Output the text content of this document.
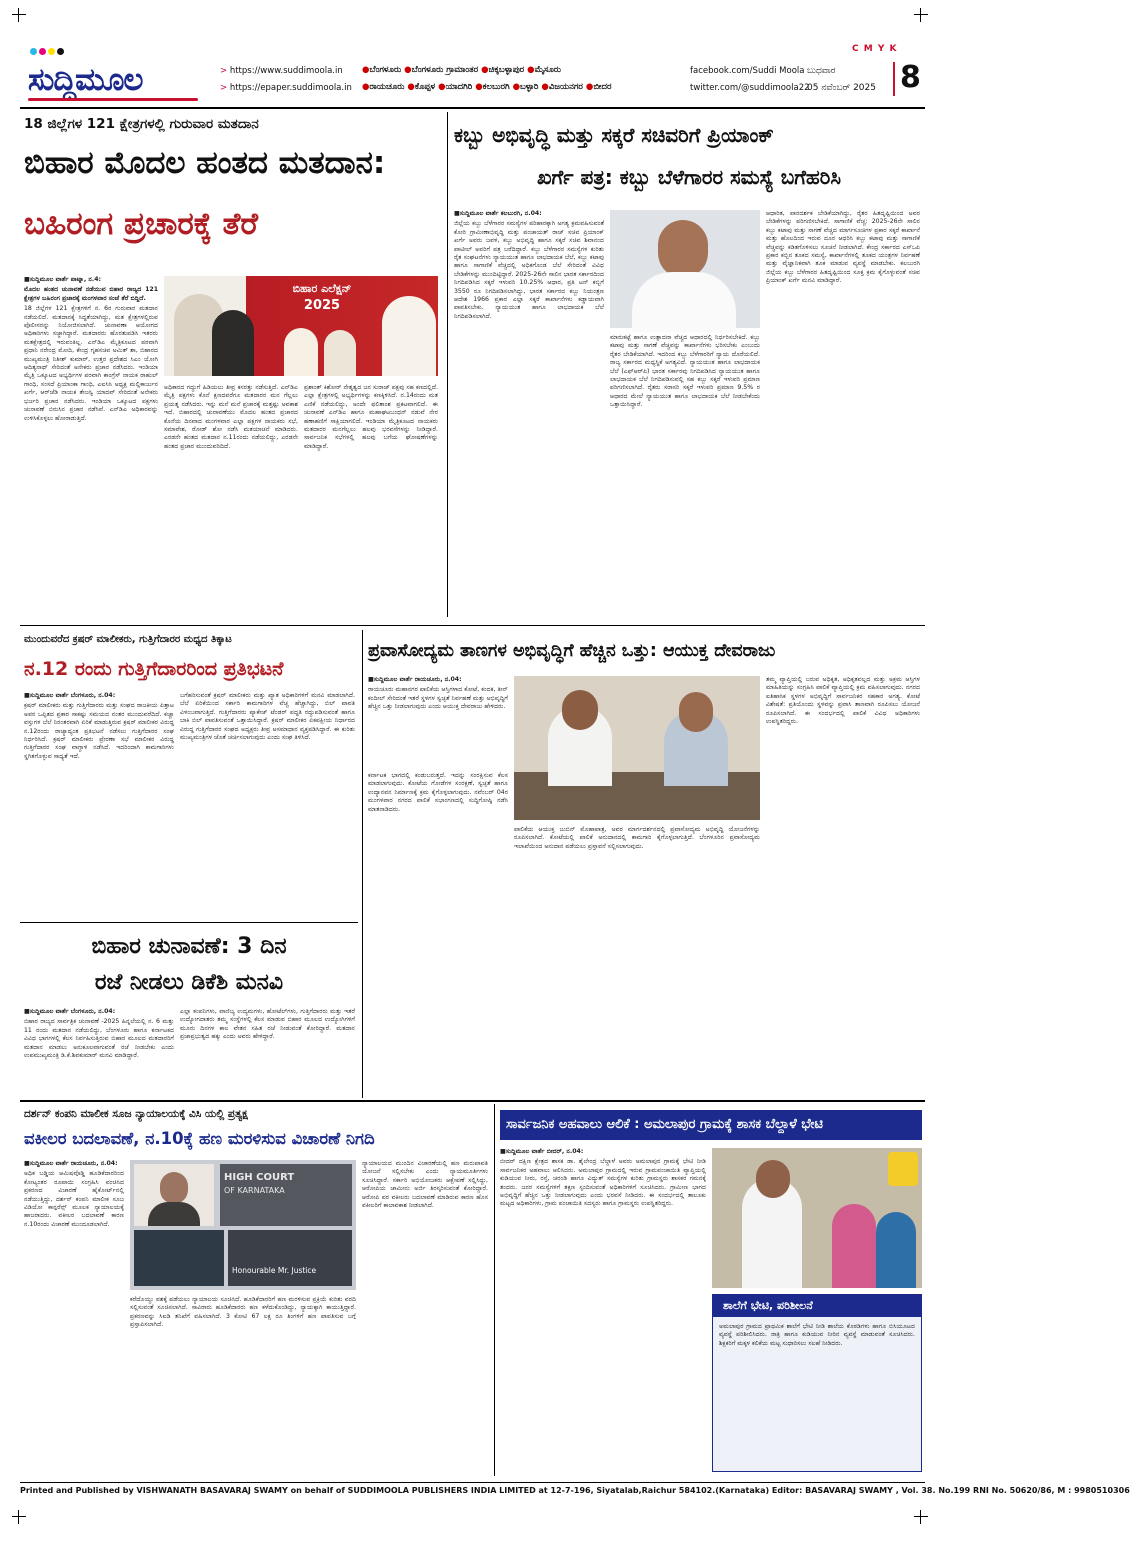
C M Y K
ಸುದ್ದಿಮೂಲ	> https://www.suddimoola.in
> https://epaper.suddimoola.in
●ಬೆಂಗಳೂರು ●ಬೆಂಗಳೂರು ಗ್ರಾಮಾಂತರ ●ಚಿಕ್ಕಬಳ್ಳಾಪುರ ●ಮೈಸೂರು
●ರಾಯಚೂರು ●ಕೊಪ್ಪಳ ●ಯಾದಗಿರಿ ●ಕಲಬುರಗಿ ●ಬಳ್ಳಾರಿ ●ವಿಜಯನಗರ ●ಬೀದರ
facebook.com/Suddi Moola
twitter.com/@suddimoola22
ಬುಧವಾರ
05 ನವೆಂಬರ್ 2025 8
18 ಜಿಲ್ಲೆಗಳ 121 ಕ್ಷೇತ್ರಗಳಲ್ಲಿ ಗುರುವಾರ ಮತದಾನ
ಬಿಹಾರ ಮೊದಲ ಹಂತದ ಮತದಾನ:
ಬಹಿರಂಗ ಪ್ರಚಾರಕ್ಕೆ ತೆರೆ

■ಸುದ್ದಿಮೂಲ ವಾರ್ತೆ ಪಾಟ್ನಾ, ನ.4:

ಮೊದಲ ಹಂತದ ಚುನಾವಣೆ ನಡೆಯುವ ಬಿಹಾರ ರಾಜ್ಯದ 121 ಕ್ಷೇತ್ರಗಳ ಬಹಿರಂಗ ಪ್ರಚಾರಕ್ಕೆ ಮಂಗಳವಾರ ಸಂಜೆ ತೆರೆ ಬಿದ್ದಿದೆ.

18 ಜಿಲ್ಲೆಗಳ 121 ಕ್ಷೇತ್ರಗಳಿಗೆ ನ. 6ರ ಗುರುವಾರ ಮತದಾನ ನಡೆಯಲಿದೆ. ಮತದಾನಕ್ಕೆ ಸಿದ್ಧತೆಯಾಗಿದ್ದು, ಮತ ಕ್ಷೇತ್ರಗಳಲ್ಲಿರುವ ಪೊಲೀಸರನ್ನು ನಿಯೋಜಿಸಲಾಗಿದೆ. ಚುನಾವಣಾ ಆಯೋಗದ ಅಧಿಕಾರಿಗಳು ಸಜ್ಜಾಗಿದ್ದಾರೆ. ಮತದಾರರು ಹೊರತುಪಡಿಸಿ ಇತರರು ಮತಕ್ಷೇತ್ರದಲ್ಲಿ ಇರುವಂತಿಲ್ಲ. ಎನ್‌ಡಿಎ ಮೈತ್ರಿಕೂಟದ ಪರವಾಗಿ ಪ್ರಧಾನಿ ನರೇಂದ್ರ ಮೋದಿ, ಕೇಂದ್ರ ಗೃಹಸಚಿವ ಅಮಿತ್ ಶಾ, ಬಿಹಾರದ ಮುಖ್ಯಮಂತ್ರಿ ನಿತೀಶ್ ಕುಮಾರ್, ಉತ್ತರ ಪ್ರದೇಶದ ಸಿಎಂ ಯೋಗಿ ಆದಿತ್ಯನಾಥ್ ಸೇರಿದಂತೆ ಅನೇಕರು ಪ್ರಚಾರ ನಡೆಸಿದರು. ಇಂಡಿಯಾ ಮೈತ್ರಿ ಒಕ್ಕೂಟದ ಅಭ್ಯರ್ಥಿಗಳ ಪರವಾಗಿ ಕಾಂಗ್ರೆಸ್ ನಾಯಕ ರಾಹುಲ್ ಗಾಂಧಿ, ಸಂಸದೆ ಪ್ರಿಯಾಂಕಾ ಗಾಂಧಿ, ಎಐಸಿಸಿ ಅಧ್ಯಕ್ಷ ಮಲ್ಲಿಕಾರ್ಜುನ ಖರ್ಗೆ, ಆರ್‌ಜೆಡಿ ನಾಯಕ ತೇಜಸ್ವಿ ಯಾದವ್ ಸೇರಿದಂತೆ ಅನೇಕರು ಭರ್ಜರಿ ಪ್ರಚಾರ ನಡೆಸಿದರು. ಇಂಡಿಯಾ ಒಕ್ಕೂಟದ ಪಕ್ಷಗಳು ಚುನಾವಣೆ ಬಿರುಸಿನ ಪ್ರಚಾರ ನಡೆಸಿವೆ. ಎನ್‌ಡಿಎ ಅಧಿಕಾರವನ್ನು ಉಳಿಸಿಕೊಳ್ಳಲು ಹೋರಾಡುತ್ತಿದೆ.

ಬಿಹಾರ ಎಲೆಕ್ಷನ್
2025
ಅಧಿಕಾರದ ಗದ್ದುಗೆ ಹಿಡಿಯಲು ತೀವ್ರ ಕಸರತ್ತು ನಡೆಸುತ್ತಿದೆ. ಎನ್‌ಡಿಎ ಮೈತ್ರಿ ಪಕ್ಷಗಳು ಕೊನೆ ಕ್ಷಣದವರೆಗೂ ಮತದಾರರ ಮನ ಗೆಲ್ಲಲು ಪ್ರಯತ್ನ ನಡೆಸಿದರು. ಇನ್ನು ಮನೆ ಮನೆ ಪ್ರಚಾರಕ್ಕೆ ಮತ್ತಷ್ಟು ಅವಕಾಶ ಇದೆ. ಬಿಹಾರದಲ್ಲಿ ಚುನಾವಣೆಯು ಮೊದಲ ಹಂತದ ಪ್ರಚಾರದ ಕೊನೆಯ ದಿನವಾದ ಮಂಗಳವಾರ ಎಲ್ಲಾ ಪಕ್ಷಗಳ ನಾಯಕರು ಸಭೆ, ಸಮಾವೇಶ, ರೋಡ್ ಶೋ ನಡೆಸಿ ಮತಯಾಚನೆ ಮಾಡಿದರು. ಎರಡನೇ ಹಂತದ ಮತದಾನ ನ.11ರಂದು ನಡೆಯಲಿದ್ದು, ಎರಡನೇ ಹಂತದ ಪ್ರಚಾರ ಮುಂದುವರಿದಿದೆ.
ಪ್ರಶಾಂತ್ ಕಿಶೋರ್ ನೇತೃತ್ವದ ಜನ ಸುರಾಜ್ ಪಕ್ಷವು ಸಹ ಕಣದಲ್ಲಿದೆ. ಎಲ್ಲಾ ಕ್ಷೇತ್ರಗಳಲ್ಲಿ ಅಭ್ಯರ್ಥಿಗಳನ್ನು ಕಣಕ್ಕಿಳಿಸಿದೆ. ನ.14ರಂದು ಮತ ಎಣಿಕೆ ನಡೆಯಲಿದ್ದು, ಅಂದೇ ಫಲಿತಾಂಶ ಪ್ರಕಟವಾಗಲಿದೆ. ಈ ಚುನಾವಣೆ ಎನ್‌ಡಿಎ ಹಾಗೂ ಮಹಾಘಟಬಂಧನ್ ನಡುವೆ ನೇರ ಹಣಾಹಣಿಗೆ ಸಾಕ್ಷಿಯಾಗಲಿದೆ. ಇಂಡಿಯಾ ಮೈತ್ರಿಕೂಟದ ನಾಯಕರು ಮತದಾರರ ಮನಗೆಲ್ಲಲು ಹಲವು ಭರವಸೆಗಳನ್ನು ನೀಡಿದ್ದಾರೆ. ಸಾರ್ವಜನಿಕ ಸಭೆಗಳಲ್ಲಿ ಹಲವು ಬಗೆಯ ಘೋಷಣೆಗಳನ್ನು ಮಾಡಿದ್ದಾರೆ.
ಕಬ್ಬು ಅಭಿವೃದ್ಧಿ ಮತ್ತು ಸಕ್ಕರೆ ಸಚಿವರಿಗೆ ಪ್ರಿಯಾಂಕ್
ಖರ್ಗೆ ಪತ್ರ: ಕಬ್ಬು ಬೆಳೆಗಾರರ ಸಮಸ್ಯೆ ಬಗೆಹರಿಸಿ

■ಸುದ್ದಿಮೂಲ ವಾರ್ತೆ ಕಲಬುರಗಿ, ನ.04:

ಜಿಲ್ಲೆಯ ಕಬ್ಬು ಬೆಳೆಗಾರರ ಸಮಸ್ಯೆಗಳ ಪರಿಹಾರಕ್ಕಾಗಿ ಅಗತ್ಯ ಕ್ರಮವಹಿಸುವಂತೆ ಕೋರಿ ಗ್ರಾಮೀಣಾಭಿವೃದ್ಧಿ ಮತ್ತು ಪಂಚಾಯತ್ ರಾಜ್ ಸಚಿವ ಪ್ರಿಯಾಂಕ್ ಖರ್ಗೆ ಅವರು ಜವಳಿ, ಕಬ್ಬು ಅಭಿವೃದ್ಧಿ ಹಾಗೂ ಸಕ್ಕರೆ ಸಚಿವ ಶಿವಾನಂದ ಪಾಟೀಲ್ ಅವರಿಗೆ ಪತ್ರ ಬರೆದಿದ್ದಾರೆ. ಕಬ್ಬು ಬೆಳೆಗಾರರ ಸಮಸ್ಯೆಗಳ ಕುರಿತು ರೈತ ಸಂಘಟನೆಗಳು ನ್ಯಾಯಯುತ ಹಾಗೂ ಲಾಭದಾಯಕ ಬೆಲೆ, ಕಬ್ಬು ಕಟಾವು ಹಾಗೂ ಸಾಗಾಣಿಕೆ ವೆಚ್ಚದಲ್ಲಿ ಅಧಿಕಗೊಂಡ ಬೆಲೆ ಸೇರಿದಂತೆ ವಿವಿಧ ಬೇಡಿಕೆಗಳನ್ನು ಮುಂದಿಟ್ಟಿದ್ದಾರೆ. 2025-26ನೇ ಸಾಲಿನ ಭಾರತ ಸರ್ಕಾರದಿಂದ ನಿಗದಿಪಡಿಸಿದ ಸಕ್ಕರೆ ಇಳುವರಿ 10.25% ಆಧಾರ, ಪ್ರತಿ ಟನ್ ಕಬ್ಬಿಗೆ 3550 ರೂ ನಿಗದಿಪಡಿಸಲಾಗಿದ್ದು, ಭಾರತ ಸರ್ಕಾರದ ಕಬ್ಬು ನಿಯಂತ್ರಣ ಆದೇಶ 1966 ಪ್ರಕಾರ ಎಲ್ಲಾ ಸಕ್ಕರೆ ಕಾರ್ಖಾನೆಗಳು ಕಡ್ಡಾಯವಾಗಿ ಪಾವತಿಸಬೇಕು. ನ್ಯಾಯಯುತ ಹಾಗೂ ಲಾಭದಾಯಕ ಬೆಲೆ ನಿಗದಿಪಡಿಸಲಾಗಿದೆ.

ಮಾರುಕಟ್ಟೆ ಹಾಗೂ ಉತ್ಪಾದನಾ ವೆಚ್ಚದ ಆಧಾರದಲ್ಲಿ ನಿರ್ಧರಿಸಬೇಕಿದೆ. ಕಬ್ಬು ಕಟಾವು ಮತ್ತು ಸಾಗಣೆ ವೆಚ್ಚವನ್ನು ಕಾರ್ಖಾನೆಗಳು ಭರಿಸಬೇಕು ಎಂಬುದು ರೈತರ ಬೇಡಿಕೆಯಾಗಿದೆ. ಇದರಿಂದ ಕಬ್ಬು ಬೆಳೆಗಾರರಿಗೆ ನ್ಯಾಯ ದೊರೆಯಲಿದೆ. ರಾಜ್ಯ ಸರ್ಕಾರದ ಮಧ್ಯಸ್ಥಿಕೆ ಅಗತ್ಯವಿದೆ. ನ್ಯಾಯಯುತ ಹಾಗೂ ಲಾಭದಾಯಕ ಬೆಲೆ (ಎಫ್‌ಆರ್‌ಪಿ) ಭಾರತ ಸರ್ಕಾರವು ನಿಗದಿಪಡಿಸಿದ ನ್ಯಾಯಯುತ ಹಾಗೂ ಲಾಭದಾಯಕ ಬೆಲೆ ನಿಗದಿಪಡಿಸುವಲ್ಲಿ ಸಹ ಕಬ್ಬು ಸಕ್ಕರೆ ಇಳುವರಿ ಪ್ರಮಾಣ ಪರಿಗಣಿಸಲಾಗಿದೆ. ರೈತರು ಸರಾಸರಿ ಸಕ್ಕರೆ ಇಳುವರಿ ಪ್ರಮಾಣ 9.5% ರ ಆಧಾರದ ಮೇಲೆ ನ್ಯಾಯಯುತ ಹಾಗೂ ಲಾಭದಾಯಕ ಬೆಲೆ ನೀಡಬೇಕೆಂದು ಒತ್ತಾಯಿಸಿದ್ದಾರೆ.
ಆಧಾರಿತ, ಪಾರದರ್ಶಕ ಬೇಡಿಕೆಯಾಗಿದ್ದು, ರೈತರ ಹಿತದೃಷ್ಟಿಯಿಂದ ಅವರ ಬೇಡಿಕೆಗಳನ್ನು ಪರಿಗಣಿಸಬೇಕಿದೆ. ಸಾಗಾಣಿಕೆ ವೆಚ್ಚ: 2025-26ನೇ ಸಾಲಿನ ಕಬ್ಬು ಕಟಾವು ಮತ್ತು ಸಾಗಣೆ ವೆಚ್ಚದ ಮಾರ್ಗಸೂಚಿಗಳ ಪ್ರಕಾರ ಸಕ್ಕರೆ ಕಾರ್ಖಾನೆ ಮತ್ತು ಹೊಲದಿಂದ ಇರುವ ದೂರ ಆಧರಿಸಿ ಕಬ್ಬು ಕಟಾವು ಮತ್ತು ಸಾಗಾಣಿಕೆ ವೆಚ್ಚವನ್ನು ಕಡಿತಗೊಳಿಸಲು ಸೂಚನೆ ನೀಡಲಾಗಿದೆ. ಕೇಂದ್ರ ಸರ್ಕಾರದ ಎಸ್‌ಒಪಿ ಪ್ರಕಾರ ಕಬ್ಬಿನ ತೂಕದ ಸಮಸ್ಯೆ, ಕಾರ್ಖಾನೆಗಳಲ್ಲಿ ತೂಕದ ಯಂತ್ರಗಳ ನಿರ್ವಹಣೆ ಮತ್ತು ವೈಜ್ಞಾನಿಕವಾಗಿ ತೂಕ ಮಾಡುವ ವ್ಯವಸ್ಥೆ ಮಾಡಬೇಕು. ಕಲಬುರಗಿ ಜಿಲ್ಲೆಯ ಕಬ್ಬು ಬೆಳೆಗಾರರ ಹಿತದೃಷ್ಟಿಯಿಂದ ಸೂಕ್ತ ಕ್ರಮ ಕೈಗೊಳ್ಳುವಂತೆ ಸಚಿವ ಪ್ರಿಯಾಂಕ್ ಖರ್ಗೆ ಮನವಿ ಮಾಡಿದ್ದಾರೆ.
ಮುಂದುವರೆದ ಕ್ರಷರ್ ಮಾಲೀಕರು, ಗುತ್ತಿಗೆದಾರರ ಮಧ್ಯದ ತಿಕ್ಕಾಟ
ನ.12 ರಂದು ಗುತ್ತಿಗೆದಾರರಿಂದ ಪ್ರತಿಭಟನೆ

■ಸುದ್ದಿಮೂಲ ವಾರ್ತೆ ಬೆಂಗಳೂರು, ನ.04:

ಕ್ರಷರ್ ಮಾಲೀಕರು ಮತ್ತು ಗುತ್ತಿಗೆದಾರರು ಮತ್ತು ಸಂಘದ ರಾಜಕೀಯ ಪಿತ್ತಾಟ ಅವರ ಒಪ್ಪಿತದ ಪ್ರಕಾರ ಸಾಕಷ್ಟು ಸಮಯದ ನಂತರ ಮುಂದುವರೆದಿದೆ. ಕಚ್ಚಾ ವಸ್ತುಗಳ ಬೆಲೆ ನಿರಂತರವಾಗಿ ಏರಿಕೆ ಮಾಡುತ್ತಿರುವ ಕ್ರಷರ್ ಮಾಲೀಕರ ವಿರುದ್ಧ ನ.12ರಂದು ರಾಜ್ಯಾದ್ಯಂತ ಪ್ರತಿಭಟನೆ ನಡೆಸಲು ಗುತ್ತಿಗೆದಾರರ ಸಂಘ ನಿರ್ಧರಿಸಿದೆ. ಕ್ರಷರ್ ಮಾಲೀಕರು ಪ್ರೇರಣಾ ಸಭೆ ಮಾಲೀಕರ ವಿರುದ್ಧ ಗುತ್ತಿಗೆದಾರರ ಸಂಘ ವಾಗ್ದಾಳಿ ನಡೆಸಿದೆ. ಇದರಿಂದಾಗಿ ಕಾಮಗಾರಿಗಳು ಸ್ಥಗಿತಗೊಳ್ಳುವ ಸಾಧ್ಯತೆ ಇದೆ.

ಬಗೆಹರಿಸುವಂತೆ ಕ್ರಷರ್ ಮಾಲೀಕರು ಮತ್ತು ಖ್ಯಾತ ಅಧಿಕಾರಿಗಳಿಗೆ ಮನವಿ ಮಾಡಲಾಗಿದೆ. ಬೆಲೆ ಏರಿಕೆಯಿಂದ ಸರ್ಕಾರಿ ಕಾಮಗಾರಿಗಳ ವೆಚ್ಚ ಹೆಚ್ಚಾಗಿದ್ದು, ಬಿಲ್ ಪಾವತಿ ವಿಳಂಬವಾಗುತ್ತಿದೆ. ಗುತ್ತಿಗೆದಾರರು ಪ್ಯಾಕೇಜ್ ಟೆಂಡರ್ ಪದ್ಧತಿ ರದ್ದುಪಡಿಸುವಂತೆ ಹಾಗೂ ಬಾಕಿ ಬಿಲ್ ಪಾವತಿಸುವಂತೆ ಒತ್ತಾಯಿಸಿದ್ದಾರೆ. ಕ್ರಷರ್ ಮಾಲೀಕರ ಏಕಪಕ್ಷೀಯ ನಿರ್ಧಾರದ ವಿರುದ್ಧ ಗುತ್ತಿಗೆದಾರರ ಸಂಘದ ಅಧ್ಯಕ್ಷರು ತೀವ್ರ ಅಸಮಾಧಾನ ವ್ಯಕ್ತಪಡಿಸಿದ್ದಾರೆ. ಈ ಕುರಿತು ಮುಖ್ಯಮಂತ್ರಿಗಳ ಜೊತೆ ಚರ್ಚಿಸಲಾಗುವುದು ಎಂದು ಸಂಘ ತಿಳಿಸಿದೆ.
ಬಿಹಾರ ಚುನಾವಣೆ: 3 ದಿನ
ರಜೆ ನೀಡಲು ಡಿಕೆಶಿ ಮನವಿ

■ಸುದ್ದಿಮೂಲ ವಾರ್ತೆ ಬೆಂಗಳೂರು, ನ.04:

ಬಿಹಾರ ರಾಜ್ಯದ ಸಾರ್ವತ್ರಿಕ ಚುನಾವಣೆ -2025 ಹಿನ್ನಲೆಯಲ್ಲಿ ನ. 6 ಮತ್ತು 11 ರಂದು ಮತದಾನ ನಡೆಯಲಿದ್ದು, ಬೆಂಗಳೂರು ಹಾಗೂ ಕರ್ನಾಟಕದ ವಿವಿಧ ಭಾಗಗಳಲ್ಲಿ ಕೆಲಸ ನಿರ್ವಹಿಸುತ್ತಿರುವ ಬಿಹಾರ ಮೂಲದ ಮತದಾರರಿಗೆ ಮತದಾನ ಮಾಡಲು ಅನುಕೂಲವಾಗುವಂತೆ ರಜೆ ನೀಡಬೇಕು ಎಂದು ಉಪಮುಖ್ಯಮಂತ್ರಿ ಡಿ.ಕೆ.ಶಿವಕುಮಾರ್ ಮನವಿ ಮಾಡಿದ್ದಾರೆ.

ಎಲ್ಲಾ ಕಂಪನಿಗಳು, ವಾಣಿಜ್ಯ ಉದ್ಯಮಗಳು, ಹೋಟೆಲ್‌ಗಳು, ಗುತ್ತಿಗೆದಾರರು ಮತ್ತು ಇತರೆ ಉದ್ಯೋಗದಾತರು ತಮ್ಮ ಸಂಸ್ಥೆಗಳಲ್ಲಿ ಕೆಲಸ ಮಾಡುವ ಬಿಹಾರ ಮೂಲದ ಉದ್ಯೋಗಿಗಳಿಗೆ ಮೂರು ದಿನಗಳ ಕಾಲ ವೇತನ ಸಹಿತ ರಜೆ ನೀಡುವಂತೆ ಕೋರಿದ್ದಾರೆ. ಮತದಾನ ಪ್ರಜಾಪ್ರಭುತ್ವದ ಹಕ್ಕು ಎಂದು ಅವರು ಹೇಳಿದ್ದಾರೆ.
ಪ್ರವಾಸೋದ್ಯಮ ತಾಣಗಳ ಅಭಿವೃದ್ಧಿಗೆ ಹೆಚ್ಚಿನ ಒತ್ತು: ಆಯುಕ್ತ ದೇವರಾಜು

■ಸುದ್ದಿಮೂಲ ವಾರ್ತೆ ರಾಯಚೂರು, ನ.04:

ರಾಯಚೂರು ಮಹಾನಗರ ಪಾಲಿಕೆಯ ಆಸ್ತಿಗಳಾದ ಕೋಟೆ, ಕಂದಕ, ತೀನ್ ಕಂದೀಲ್ ಸೇರಿದಂತೆ ಇತರೆ ಸ್ಥಳಗಳ ಸ್ವಚ್ಛತೆ ನಿರ್ವಹಣೆ ಮತ್ತು ಅಭಿವೃದ್ಧಿಗೆ ಹೆಚ್ಚಿನ ಒತ್ತು ನೀಡಲಾಗುವುದು ಎಂದು ಆಯುಕ್ತ ದೇವರಾಜು ಹೇಳಿದರು.

ಕರ್ನಾಟಕ ಭಾಗದಲ್ಲಿ ಕಂಡುಬರುತ್ತದೆ. ಇದನ್ನು ಸಂರಕ್ಷಿಸುವ ಕೆಲಸ ಮಾಡಲಾಗುವುದು. ಕೋಟೆಯ ಗೋಡೆಗಳ ಸಂರಕ್ಷಣೆ, ಸ್ವಚ್ಛತೆ ಹಾಗೂ ಉದ್ಯಾನವನ ನಿರ್ಮಾಣಕ್ಕೆ ಕ್ರಮ ಕೈಗೊಳ್ಳಲಾಗುವುದು. ನವೆಂಬರ್ 04ರ ಮಂಗಳವಾರ ನಗರದ ಪಾಲಿಕೆ ಸಭಾಂಗಣದಲ್ಲಿ ಸುದ್ದಿಗೋಷ್ಠಿ ನಡೆಸಿ ಮಾತನಾಡಿದರು.
ಪಾಲಿಕೆಯ ಆಯುಕ್ತ ಜುಬಿನ್ ಮೊಹಾಪಾತ್ರ, ಅವರ ಮಾರ್ಗದರ್ಶನದಲ್ಲಿ ಪ್ರವಾಸೋದ್ಯಮ ಅಭಿವೃದ್ಧಿ ಯೋಜನೆಗಳನ್ನು ರೂಪಿಸಲಾಗಿದೆ. ಕೋಟೆಯಲ್ಲಿ ಪಾಲಿಕೆ ಅನುದಾನದಲ್ಲಿ ಕಾಮಗಾರಿ ಕೈಗೊಳ್ಳಲಾಗುತ್ತಿದೆ. ಬೆಂಗಳೂರಿನ ಪ್ರವಾಸೋದ್ಯಮ ಇಲಾಖೆಯಿಂದ ಅನುದಾನ ಪಡೆಯಲು ಪ್ರಸ್ತಾವನೆ ಸಲ್ಲಿಸಲಾಗುವುದು.
ತಮ್ಮ ವ್ಯಾಪ್ತಿಯಲ್ಲಿ ಬರುವ ಅಧಿಕೃತ, ಅಧಿಕೃತವಲ್ಲದ ಮತ್ತು ಅಕ್ರಮ ಆಸ್ತಿಗಳ ಮಾಹಿತಿಯನ್ನು ಸಂಗ್ರಹಿಸಿ ಪಾಲಿಕೆ ವ್ಯಾಪ್ತಿಯಲ್ಲಿ ಕ್ರಮ ವಹಿಸಲಾಗುವುದು. ನಗರದ ಐತಿಹಾಸಿಕ ಸ್ಥಳಗಳ ಅಭಿವೃದ್ಧಿಗೆ ಸಾರ್ವಜನಿಕರ ಸಹಕಾರ ಅಗತ್ಯ. ಕೋಟೆ ವಿಶೇಷತೆ: ಪ್ರತಿಯೊಂದು ಸ್ಥಳವನ್ನು ಪ್ರವಾಸಿ ತಾಣವಾಗಿ ರೂಪಿಸಲು ಯೋಜನೆ ರೂಪಿಸಲಾಗಿದೆ. ಈ ಸಂದರ್ಭದಲ್ಲಿ ಪಾಲಿಕೆ ವಿವಿಧ ಅಧಿಕಾರಿಗಳು ಉಪಸ್ಥಿತರಿದ್ದರು.
ದರ್ಶನ್ ಕಂಪನಿ ಮಾಲೀಕ ಸೂಜ ನ್ಯಾಯಾಲಯಕ್ಕೆ ವಿಸಿ ಯಲ್ಲಿ ಪ್ರತ್ಯಕ್ಷ
ವಕೀಲರ ಬದಲಾವಣೆ, ನ.10ಕ್ಕೆ ಹಣ ಮರಳಿಸುವ ವಿಚಾರಣೆ ನಿಗದಿ

■ಸುದ್ದಿಮೂಲ ವಾರ್ತೆ ರಾಯಚೂರು, ನ.04:

ಅಧಿಕ ಬಡ್ಡಿಯ ಆಮಿಷವೊಡ್ಡಿ ಹೂಡಿಕೆದಾರರಿಂದ ಕೋಟ್ಯಂತರ ರೂಪಾಯಿ ಸಂಗ್ರಹಿಸಿ ವಂಚಿಸಿದ ಪ್ರಕರಣದ ವಿಚಾರಣೆ ಹೈಕೋರ್ಟ್‌ನಲ್ಲಿ ನಡೆಯುತ್ತಿದ್ದು, ದರ್ಶನ್ ಕಂಪನಿ ಮಾಲೀಕ ಸೂಜ ವಿಡಿಯೋ ಕಾನ್ಫರೆನ್ಸ್ ಮೂಲಕ ನ್ಯಾಯಾಲಯಕ್ಕೆ ಹಾಜರಾದರು. ವಕೀಲರ ಬದಲಾವಣೆ ಕಾರಣ ನ.10ರಂದು ವಿಚಾರಣೆ ಮುಂದೂಡಲಾಗಿದೆ.

HIGH COURT
OF KARNATAKA
Honourable Mr. Justice
ಕರೆದೊಯ್ದು ವಶಕ್ಕೆ ಪಡೆಯಲು ನ್ಯಾಯಾಲಯ ಸೂಚಿಸಿದೆ. ಹೂಡಿಕೆದಾರರಿಗೆ ಹಣ ಮರಳಿಸುವ ಪ್ರಕ್ರಿಯೆ ಕುರಿತು ವರದಿ ಸಲ್ಲಿಸುವಂತೆ ಸೂಚಿಸಲಾಗಿದೆ. ಸಾವಿರಾರು ಹೂಡಿಕೆದಾರರು ಹಣ ಕಳೆದುಕೊಂಡಿದ್ದು, ನ್ಯಾಯಕ್ಕಾಗಿ ಕಾಯುತ್ತಿದ್ದಾರೆ. ಪ್ರಕರಣವನ್ನು ಸಿಐಡಿ ತನಿಖೆಗೆ ವಹಿಸಲಾಗಿದೆ. 3 ಕೋಟಿ 67 ಲಕ್ಷ ರೂ ತಿಂಗಳಿಗೆ ಹಣ ಪಾವತಿಸುವ ಬಗ್ಗೆ ಪ್ರಸ್ತಾಪಿಸಲಾಗಿದೆ.
ನ್ಯಾಯಾಲಯದ ಮುಂದಿನ ವಿಚಾರಣೆಯಲ್ಲಿ ಹಣ ಮರುಪಾವತಿ ಯೋಜನೆ ಸಲ್ಲಿಸಬೇಕು ಎಂದು ನ್ಯಾಯಮೂರ್ತಿಗಳು ಸೂಚಿಸಿದ್ದಾರೆ. ಸರ್ಕಾರಿ ಅಭಿಯೋಜಕರು ಆಕ್ಷೇಪಣೆ ಸಲ್ಲಿಸಿದ್ದು, ಆರೋಪಿಯ ಜಾಮೀನು ಅರ್ಜಿ ತಿರಸ್ಕರಿಸುವಂತೆ ಕೋರಿದ್ದಾರೆ. ಆರೋಪಿ ಪರ ವಕೀಲರು ಬದಲಾವಣೆ ಮಾಡಿರುವ ಕಾರಣ ಹೊಸ ವಕೀಲರಿಗೆ ಕಾಲಾವಕಾಶ ನೀಡಲಾಗಿದೆ.
ಸಾರ್ವಜನಿಕ ಅಹವಾಲು ಆಲಿಕೆ : ಅಮಲಾಪುರ ಗ್ರಾಮಕ್ಕೆ ಶಾಸಕ ಬೆಲ್ದಾಳೆ ಭೇಟಿ

■ಸುದ್ದಿಮೂಲ ವಾರ್ತೆ ಬೀದರ್, ನ.04:

ಬೀದರ್ ದಕ್ಷಿಣ ಕ್ಷೇತ್ರದ ಶಾಸಕ ಡಾ. ಶೈಲೇಂದ್ರ ಬೆಲ್ದಾಳೆ ಅವರು ಅಮಲಾಪುರ ಗ್ರಾಮಕ್ಕೆ ಭೇಟಿ ನೀಡಿ ಸಾರ್ವಜನಿಕರ ಅಹವಾಲು ಆಲಿಸಿದರು. ಅಮಲಾಪುರ ಗ್ರಾಮದಲ್ಲಿ ಇರುವ ಗ್ರಾಮಪಂಚಾಯಿತಿ ವ್ಯಾಪ್ತಿಯಲ್ಲಿ ಕುಡಿಯುವ ನೀರು, ರಸ್ತೆ, ಚರಂಡಿ ಹಾಗೂ ವಿದ್ಯುತ್ ಸಮಸ್ಯೆಗಳ ಕುರಿತು ಗ್ರಾಮಸ್ಥರು ಶಾಸಕರ ಗಮನಕ್ಕೆ ತಂದರು. ಜನರ ಸಮಸ್ಯೆಗಳಿಗೆ ತಕ್ಷಣ ಸ್ಪಂದಿಸುವಂತೆ ಅಧಿಕಾರಿಗಳಿಗೆ ಸೂಚಿಸಿದರು. ಗ್ರಾಮೀಣ ಭಾಗದ ಅಭಿವೃದ್ಧಿಗೆ ಹೆಚ್ಚಿನ ಒತ್ತು ನೀಡಲಾಗುವುದು ಎಂದು ಭರವಸೆ ನೀಡಿದರು. ಈ ಸಂದರ್ಭದಲ್ಲಿ ತಾಲೂಕು ಮಟ್ಟದ ಅಧಿಕಾರಿಗಳು, ಗ್ರಾಮ ಪಂಚಾಯಿತಿ ಸದಸ್ಯರು ಹಾಗೂ ಗ್ರಾಮಸ್ಥರು ಉಪಸ್ಥಿತರಿದ್ದರು.

ಶಾಲೆಗೆ ಭೇಟಿ, ಪರಿಶೀಲನೆ
ಅಮಲಾಪುರ ಗ್ರಾಮದ ಪ್ರಾಥಮಿಕ ಶಾಲೆಗೆ ಭೇಟಿ ನೀಡಿ ಶಾಲೆಯ ಕೊಠಡಿಗಳು ಹಾಗೂ ಬಿಸಿಯೂಟದ ವ್ಯವಸ್ಥೆ ಪರಿಶೀಲಿಸಿದರು. ರಾತ್ರಿ ಹಾಗೂ ಕುಡಿಯುವ ನೀರಿನ ವ್ಯವಸ್ಥೆ ಮಾಡುವಂತೆ ಸೂಚಿಸಿದರು. ಶಿಕ್ಷಕರಿಗೆ ಮಕ್ಕಳ ಕಲಿಕೆಯ ಮಟ್ಟ ಸುಧಾರಿಸಲು ಸಲಹೆ ನೀಡಿದರು.
Printed and Published by VISHWANATH BASAVARAJ SWAMY on behalf of SUDDIMOOLA PUBLISHERS INDIA LIMITED at 12-7-196, Siyatalab,Raichur 584102.(Karnataka) Editor: BASAVARAJ SWAMY , Vol. 38. No.199 RNI No. 50620/86, M : 9980510306
